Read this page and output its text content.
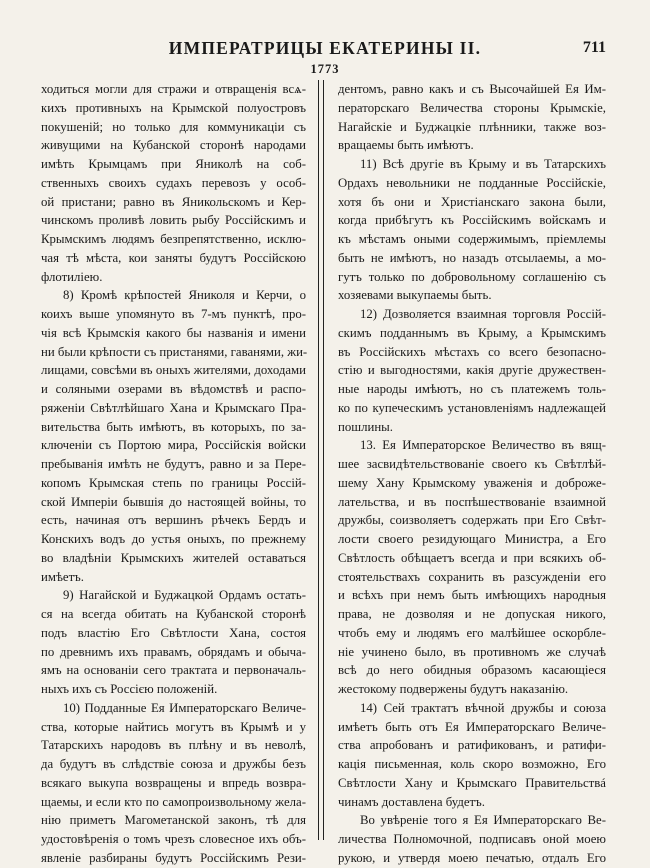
ИМПЕРАТРИЦЫ ЕКАТЕРИНЫ II.	711
1773
ходиться могли для стражи и отвращенія всѧ-
кихъ противныхъ на Крымской полуостровъ
покушеній; но только для коммуникаціи съ
живущими на Кубанской сторонѣ народами
имѣть Крымцамъ при Яниколѣ на соб-
ственныхъ своихъ судахъ перевозъ у особ-
ой пристани; равно въ Яникольскомъ и Кер-
чинскомъ проливѣ ловить рыбу Россійскимъ и
Крымскимъ людямъ безпрепятственно, исклю-
чая тѣ мѣста, кои заняты будутъ Россійскою
флотиліею.
8) Кромѣ крѣпостей Яниколя и Керчи, о
коихъ выше упомянуто въ 7-мъ пунктѣ, про-
чія всѣ Крымскія какого бы названія и имени
ни были крѣпости съ пристанями, гаванями, жи-
лищами, совсѣми въ оныхъ жителями, доходами
и соляными озерами въ вѣдомствѣ и распо-
ряженіи Свѣтлѣйшаго Хана и Крымскаго Пра-
вительства быть имѣютъ, въ которыхъ, по за-
ключеніи съ Портою мира, Россійскія войски
пребыванія имѣть не будутъ, равно и за Пере-
копомъ Крымская степь по границы Россій-
ской Имперіи бывшія до настоящей войны, то
есть, начиная отъ вершинъ рѣчекъ Бердъ и
Конскихъ водъ до устья оныхъ, по прежнему
во владѣніи Крымскихъ жителей оставаться
имѣетъ.
9) Нагайской и Буджацкой Ордамъ остать-
ся на всегда обитать на Кубанской сторонѣ
подъ властію Его Свѣтлости Хана, состоя
по древнимъ ихъ правамъ, обрядамъ и обыча-
ямъ на основаніи сего трактата и первоначаль-
ныхъ ихъ съ Россією положеній.
10) Подданные Ея Императорскаго Величе-
ства, которые найтись могутъ въ Крымѣ и у
Татарскихъ народовъ въ плѣну и въ неволѣ,
да будутъ въ слѣдствіе союза и дружбы безъ
всякаго выкупа возвращены и впредь возвра-
щаемы, и если кто по самопроизвольному жела-
нію приметъ Магометанской законъ, тѣ для
удостовѣренія о томъ чрезъ словесное ихъ объ-
явленіе разбираны будутъ Россійскимъ Рези-
дентомъ, равно какъ и съ Высочайшей Ея Им-
ператорскаго Величества стороны Крымскіе,
Нагайскіе и Буджацкіе плѣнники, также воз-
вращаемы быть имѣютъ.
11) Всѣ другіе въ Крыму и въ Татарскихъ
Ордахъ невольники не подданные Россійскіе,
хотя бъ они и Христіанскаго закона были,
когда прибѣгутъ къ Россійскимъ войскамъ и
къ мѣстамъ оными содержимымъ, пріемлемы
быть не имѣютъ, но назадъ отсылаемы, а мо-
гутъ только по добровольному соглашенію съ
хозяевами выкупаемы быть.
12) Дозволяется взаимная торговля Россій-
скимъ подданнымъ въ Крыму, а Крымскимъ
въ Россійскихъ мѣстахъ со всего безопасно-
стію и выгодностями, какія другіе дружествен-
ные народы имѣютъ, но съ платежемъ толь-
ко по купеческимъ установленіямъ надлежащей
пошлины.
13. Ея Императорское Величество въ вящ-
шее засвидѣтельствованіе своего къ Свѣтлѣй-
шему Хану Крымскому уваженія и доброже-
лательства, и въ поспѣшествованіе взаимной
дружбы, соизволяетъ содержать при Его Свѣт-
лости своего резидующаго Министра, а Его
Свѣтлость обѣщаетъ всегда и при всякихъ об-
стоятельствахъ сохранить въ разсужденіи его
и всѣхъ при немъ быть имѣющихъ народныя
права, не дозволяя и не допуская никого,
чтобъ ему и людямъ его малѣйшее оскорбле-
ніе учинено было, въ противномъ же случаѣ
всѣ до него обидныя образомъ касающіеся
жестокому подвержены будутъ наказанію.
14) Сей трактатъ вѣчной дружбы и союза
имѣетъ быть отъ Ея Императорскаго Величе-
ства апробованъ и ратификованъ, и ратифи-
кація письменная, коль скоро возможно, Его
Свѣтлости Хану и Крымскаго Правительствá
чинамъ доставлена будетъ.
Во увѣреніе того я Ея Императорскаго Ве-
личества Полномочной, подписавъ оной моею
рукою, и утвердя моею печатью, отдалъ Его
